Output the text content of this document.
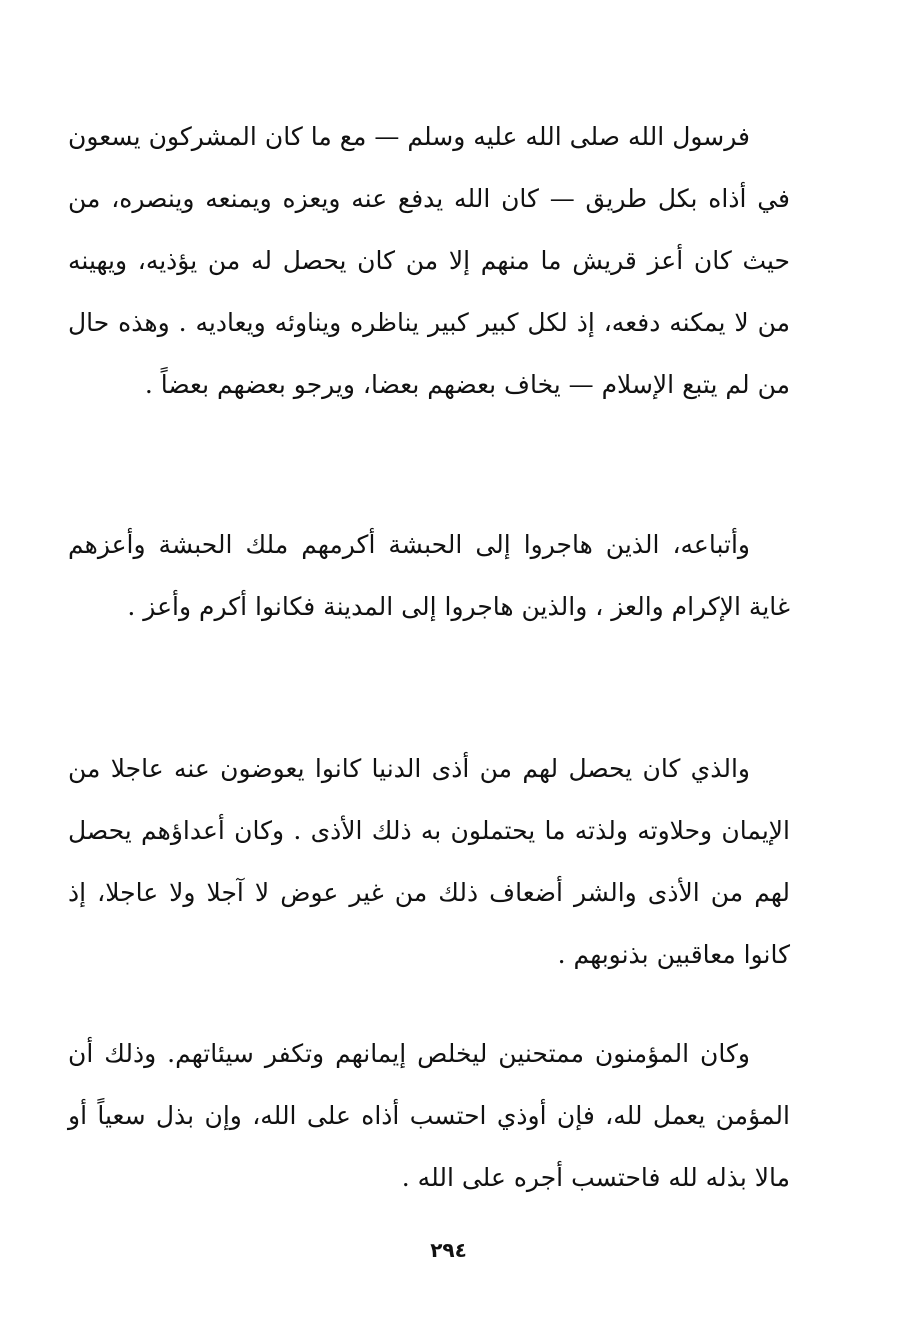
فرسول الله صلى الله عليه وسلم — مع ما كان المشركون يسعون في أذاه بكل طريق — كان الله يدفع عنه ويعزه ويمنعه وينصره، من حيث كان أعز قريش ما منهم إلا من كان يحصل له من يؤذيه، ويهينه من لا يمكنه دفعه، إذ لكل كبير كبير يناظره ويناوئه ويعاديه . وهذه حال من لم يتبع الإسلام — يخاف بعضهم بعضا، ويرجو بعضهم بعضاً .

وأتباعه، الذين هاجروا إلى الحبشة أكرمهم ملك الحبشة وأعزهم غاية الإكرام والعز ، والذين هاجروا إلى المدينة فكانوا أكرم وأعز .

والذي كان يحصل لهم من أذى الدنيا كانوا يعوضون عنه عاجلا من الإيمان وحلاوته ولذته ما يحتملون به ذلك الأذى . وكان أعداؤهم يحصل لهم من الأذى والشر أضعاف ذلك من غير عوض لا آجلا ولا عاجلا، إذ كانوا معاقبين بذنوبهم .

وكان المؤمنون ممتحنين ليخلص إيمانهم وتكفر سيئاتهم. وذلك أن المؤمن يعمل لله، فإن أوذي احتسب أذاه على الله، وإن بذل سعياً أو مالا بذله لله فاحتسب أجره على الله .

٢٩٤
